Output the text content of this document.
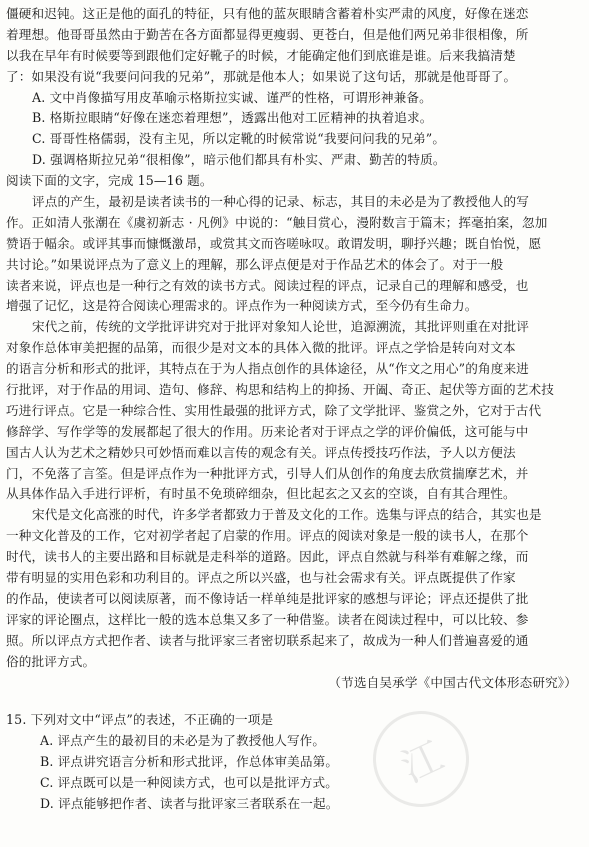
僵硬和迟钝。这正是他的面孔的特征，只有他的蓝灰眼睛含蓄着朴实严肃的风度，好像在迷恋
着理想。他哥哥虽然由于勤苦在各方面都显得更瘦弱、更苍白，但是他们两兄弟非很相像，所
以我在早年有时候要等到跟他们定好靴子的时候，才能确定他们到底谁是谁。后来我搞清楚
了：如果没有说“我要问问我的兄弟”，那就是他本人；如果说了这句话，那就是他哥哥了。
A. 文中肖像描写用皮革喻示格斯拉实诚、谨严的性格，可谓形神兼备。
B. 格斯拉眼睛“好像在迷恋着理想”，透露出他对工匠精神的执着追求。
C. 哥哥性格儒弱，没有主见，所以定靴的时候常说“我要问问我的兄弟”。
D. 强调格斯拉兄弟“很相像”，暗示他们都具有朴实、严肃、勤苦的特质。
阅读下面的文字，完成 15—16 题。
评点的产生，最初是读者读书的一种心得的记录、标志，其目的未必是为了教授他人的写
作。正如清人张潮在《虞初新志 · 凡例》中说的：“触目赏心，漫附数言于篇末；挥毫拍案，忽加
赞语于幅余。或评其事而慷慨激昂，或赏其文而咨嗟咏叹。敢谓发明，聊抒兴趣；既自怡悦，愿
共讨论。”如果说评点为了意义上的理解，那么评点便是对于作品艺术的体会了。对于一般
读者来说，评点也是一种行之有效的读书方式。阅读过程的评点，记录自己的理解和感受，也
增强了记忆，这是符合阅读心理需求的。评点作为一种阅读方式，至今仍有生命力。
宋代之前，传统的文学批评讲究对于批评对象知人论世，追源溯流，其批评则重在对批评
对象作总体审美把握的品第，而很少是对文本的具体入微的批评。评点之学恰是转向对文本
的语言分析和形式的批评，其特点在于为人指点创作的具体途径，从“作文之用心”的角度来进
行批评，对于作品的用词、造句、修辞、构思和结构上的抑扬、开阖、奇正、起伏等方面的艺术技
巧进行评点。它是一种综合性、实用性最强的批评方式，除了文学批评、鉴赏之外，它对于古代
修辞学、写作学等的发展都起了很大的作用。历来论者对于评点之学的评价偏低，这可能与中
国古人认为艺术之精妙只可妙悟而难以言传的观念有关。评点传授技巧作法，予人以方便法
门，不免落了言筌。但是评点作为一种批评方式，引导人们从创作的角度去欣赏揣摩艺术，并
从具体作品入手进行评析，有时虽不免琐碎细杂，但比起玄之又玄的空谈，自有其合理性。
宋代是文化高涨的时代，许多学者都致力于普及文化的工作。选集与评点的结合，其实也是
一种文化普及的工作，它对初学者起了启蒙的作用。评点的阅读对象是一般的读书人，在那个
时代，读书人的主要出路和目标就是走科举的道路。因此，评点自然就与科举有难解之缘，而
带有明显的实用色彩和功利目的。评点之所以兴盛，也与社会需求有关。评点既提供了作家
的作品，使读者可以阅读原著，而不像诗话一样单纯是批评家的感想与评论；评点还提供了批
评家的评论圈点，这样比一般的选本总集又多了一种借鉴。读者在阅读过程中，可以比较、参
照。所以评点方式把作者、读者与批评家三者密切联系起来了，故成为一种人们普遍喜爱的通
俗的批评方式。
（节选自吴承学《中国古代文体形态研究》）
15. 下列对文中“评点”的表述，不正确的一项是
A. 评点产生的最初目的未必是为了教授他人写作。
B. 评点讲究语言分析和形式批评，作总体审美品第。
C. 评点既可以是一种阅读方式，也可以是批评方式。
D. 评点能够把作者、读者与批评家三者联系在一起。
江
